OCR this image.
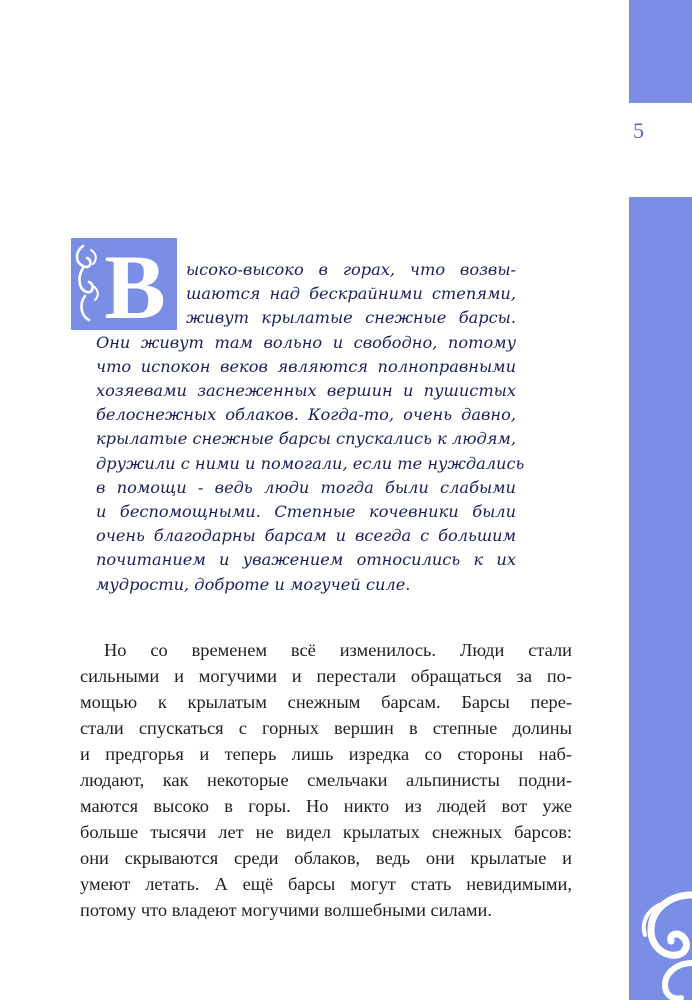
5
В ысоко-высоко в горах, что возвы-
шаются над бескрайними степями,
живут крылатые снежные барсы.
Они живут там вольно и свободно, потому
что испокон веков являются полноправными
хозяевами заснеженных вершин и пушистых
белоснежных облаков. Когда-то, очень давно,
крылатые снежные барсы спускались к людям,
дружили с ними и помогали, если те нуждались
в помощи - ведь люди тогда были слабыми
и беспомощными. Степные кочевники были
очень благодарны барсам и всегда с большим
почитанием и уважением относились к их
мудрости, доброте и могучей силе.
Но со временем всё изменилось. Люди стали
сильными и могучими и перестали обращаться за по-
мощью к крылатым снежным барсам. Барсы пере-
стали спускаться с горных вершин в степные долины
и предгорья и теперь лишь изредка со стороны наб-
людают, как некоторые смельчаки альпинисты подни-
маются высоко в горы. Но никто из людей вот уже
больше тысячи лет не видел крылатых снежных барсов:
они скрываются среди облаков, ведь они крылатые и
умеют летать. А ещё барсы могут стать невидимыми,
потому что владеют могучими волшебными силами.
